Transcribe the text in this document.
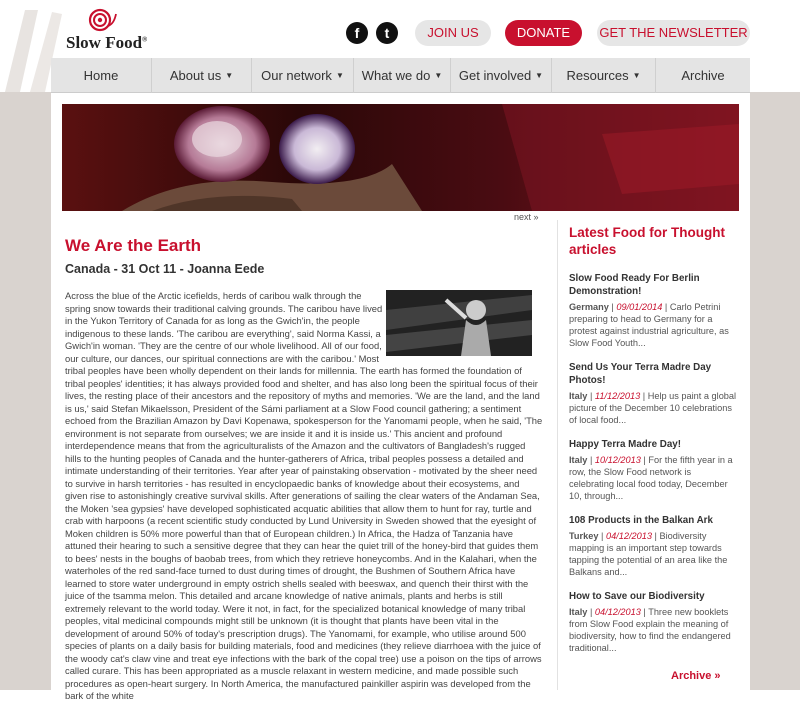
Slow Food®	f	t	JOIN US	DONATE	GET THE NEWSLETTER
Home	About us ▼	Our network ▼	What we do ▼	Get involved ▼	Resources ▼	Archive
next »
We Are the Earth
Canada - 31 Oct 11 - Joanna Eede
Across the blue of the Arctic icefields, herds of caribou walk through the spring snow towards their traditional calving grounds. The caribou have lived in the Yukon Territory of Canada for as long as the Gwich'in, the people indigenous to these lands. 'The caribou are everything', said Norma Kassi, a Gwich'in woman. 'They are the centre of our whole livelihood. All of our food, our culture, our dances, our spiritual connections are with the caribou.' Most tribal peoples have been wholly dependent on their lands for millennia. The earth has formed the foundation of tribal peoples' identities; it has always provided food and shelter, and has also long been the spiritual focus of their lives, the resting place of their ancestors and the repository of myths and memories. 'We are the land, and the land is us,' said Stefan Mikaelsson, President of the Sámi parliament at a Slow Food council gathering; a sentiment echoed from the Brazilian Amazon by Davi Kopenawa, spokesperson for the Yanomami people, when he said, 'The environment is not separate from ourselves; we are inside it and it is inside us.' This ancient and profound interdependence means that from the agriculturalists of the Amazon and the cultivators of Bangladesh's rugged hills to the hunting peoples of Canada and the hunter-gatherers of Africa, tribal peoples possess a detailed and intimate understanding of their territories. Year after year of painstaking observation - motivated by the sheer need to survive in harsh territories - has resulted in encyclopaedic banks of knowledge about their ecosystems, and given rise to astonishingly creative survival skills. After generations of sailing the clear waters of the Andaman Sea, the Moken 'sea gypsies' have developed sophisticated acquatic abilities that allow them to hunt for ray, turtle and crab with harpoons (a recent scientific study conducted by Lund University in Sweden showed that the eyesight of Moken children is 50% more powerful than that of European children.) In Africa, the Hadza of Tanzania have attuned their hearing to such a sensitive degree that they can hear the quiet trill of the honey-bird that guides them to bees' nests in the boughs of baobab trees, from which they retrieve honeycombs. And in the Kalahari, when the waterholes of the red sand-face turned to dust during times of drought, the Bushmen of Southern Africa have learned to store water underground in empty ostrich shells sealed with beeswax, and quench their thirst with the juice of the tsamma melon. This detailed and arcane knowledge of native animals, plants and herbs is still extremely relevant to the world today. Were it not, in fact, for the specialized botanical knowledge of many tribal peoples, vital medicinal compounds might still be unknown (it is thought that plants have been vital in the development of around 50% of today's prescription drugs). The Yanomami, for example, who utilise around 500 species of plants on a daily basis for building materials, food and medicines (they relieve diarrhoea with the juice of the woody cat's claw vine and treat eye infections with the bark of the copal tree) use a poison on the tips of arrows called curare. This has been appropriated as a muscle relaxant in western medicine, and made possible such procedures as open-heart surgery. In North America, the manufactured painkiller aspirin was developed from the bark of the white
Latest Food for Thought articles
Slow Food Ready For Berlin Demonstration!
Germany | 09/01/2014 | Carlo Petrini preparing to head to Germany for a protest against industrial agriculture, as Slow Food Youth...
Send Us Your Terra Madre Day Photos!
Italy | 11/12/2013 | Help us paint a global picture of the December 10 celebrations of local food...
Happy Terra Madre Day!
Italy | 10/12/2013 | For the fifth year in a row, the Slow Food network is celebrating local food today, December 10, through...
108 Products in the Balkan Ark
Turkey | 04/12/2013 | Biodiversity mapping is an important step towards tapping the potential of an area like the Balkans and...
How to Save our Biodiversity
Italy | 04/12/2013 | Three new booklets from Slow Food explain the meaning of biodiversity, how to find the endangered traditional...
Archive »
